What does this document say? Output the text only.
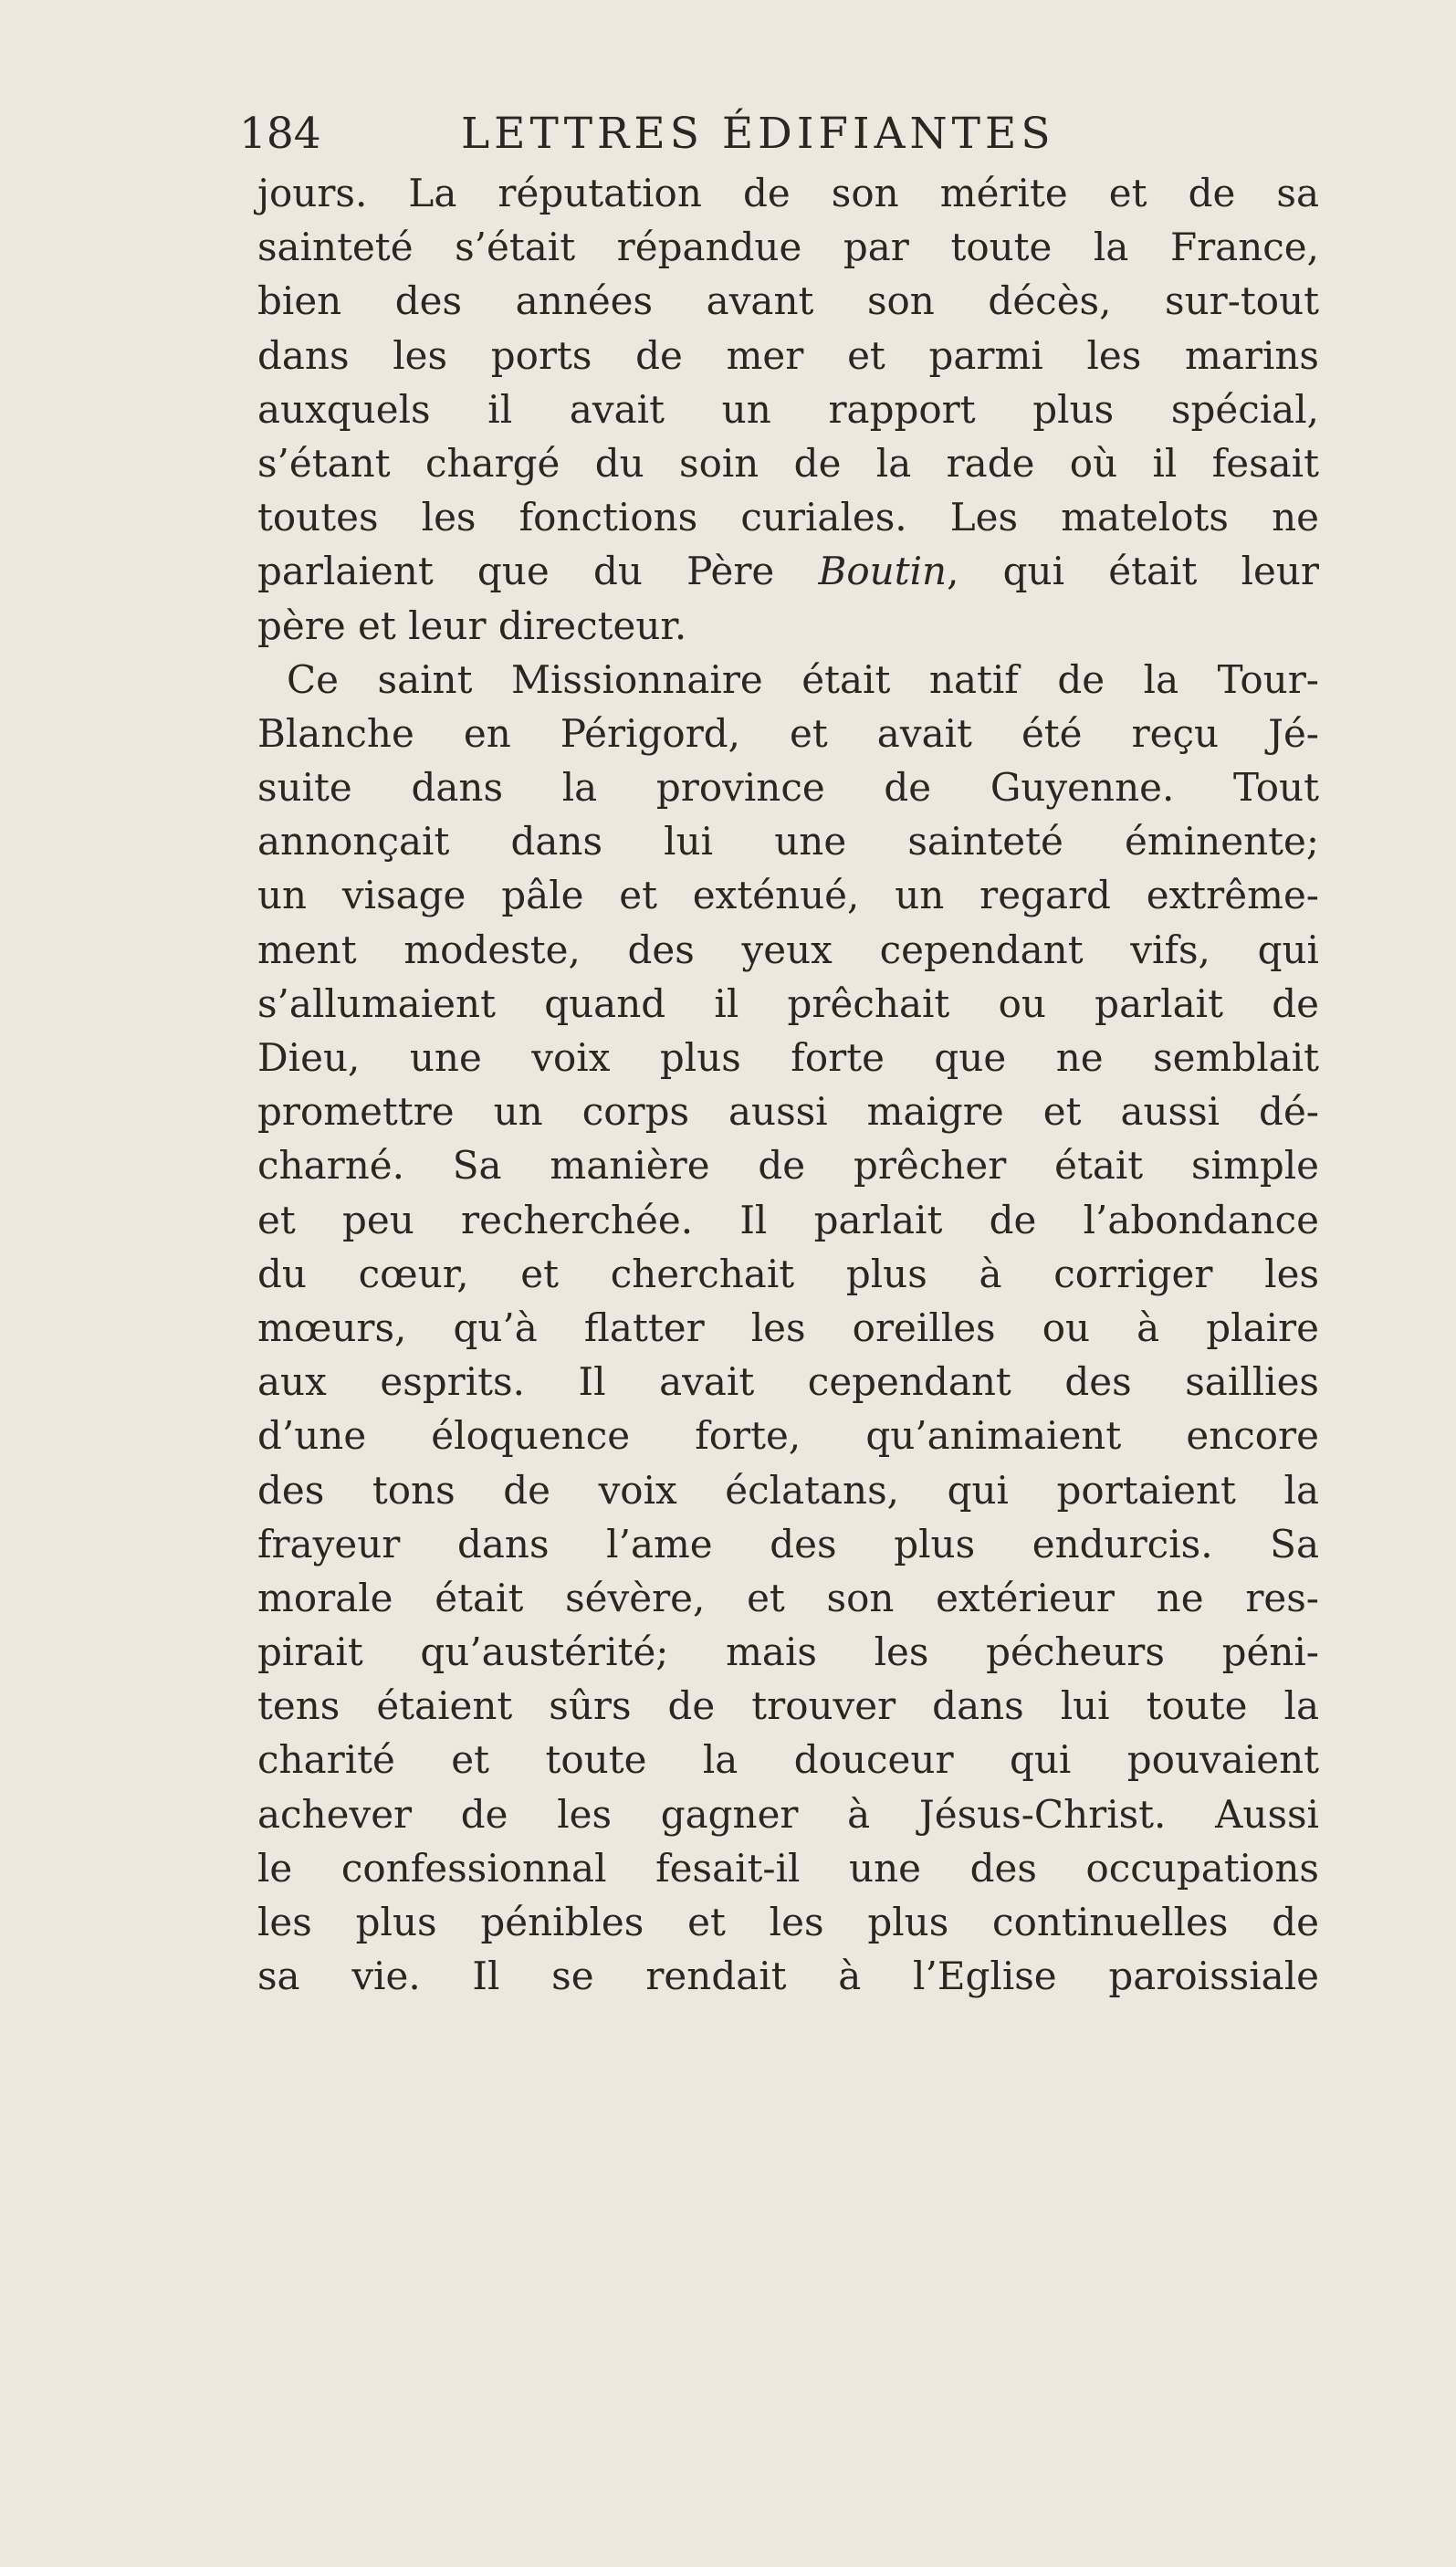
184	LETTRES ÉDIFIANTES
jours. La réputation de son mérite et de sa
sainteté s’était répandue par toute la France,
bien des années avant son décès, sur-tout
dans les ports de mer et parmi les marins
auxquels il avait un rapport plus spécial,
s’étant chargé du soin de la rade où il fesait
toutes les fonctions curiales. Les matelots ne
parlaient que du Père Boutin, qui était leur
père et leur directeur.
Ce saint Missionnaire était natif de la Tour-
Blanche en Périgord, et avait été reçu Jé-
suite dans la province de Guyenne. Tout
annonçait dans lui une sainteté éminente;
un visage pâle et exténué, un regard extrême-
ment modeste, des yeux cependant vifs, qui
s’allumaient quand il prêchait ou parlait de
Dieu, une voix plus forte que ne semblait
promettre un corps aussi maigre et aussi dé-
charné. Sa manière de prêcher était simple
et peu recherchée. Il parlait de l’abondance
du cœur, et cherchait plus à corriger les
mœurs, qu’à flatter les oreilles ou à plaire
aux esprits. Il avait cependant des saillies
d’une éloquence forte, qu’animaient encore
des tons de voix éclatans, qui portaient la
frayeur dans l’ame des plus endurcis. Sa
morale était sévère, et son extérieur ne res-
pirait qu’austérité; mais les pécheurs péni-
tens étaient sûrs de trouver dans lui toute la
charité et toute la douceur qui pouvaient
achever de les gagner à Jésus-Christ. Aussi
le confessionnal fesait-il une des occupations
les plus pénibles et les plus continuelles de
sa vie. Il se rendait à l’Eglise paroissiale
